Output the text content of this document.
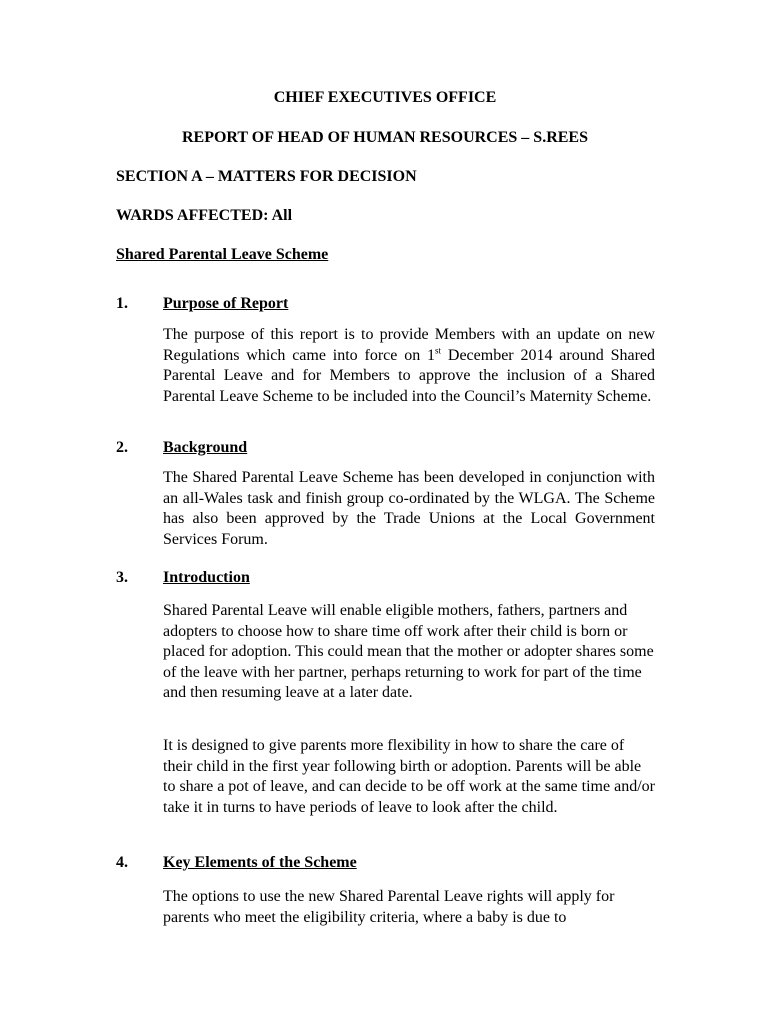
CHIEF EXECUTIVES OFFICE

REPORT OF HEAD OF HUMAN RESOURCES – S.REES

SECTION A – MATTERS FOR DECISION

WARDS AFFECTED: All

Shared Parental Leave Scheme

1. Purpose of Report

The purpose of this report is to provide Members with an update on new Regulations which came into force on 1st December 2014 around Shared Parental Leave and for Members to approve the inclusion of a Shared Parental Leave Scheme to be included into the Council’s Maternity Scheme.

2. Background

The Shared Parental Leave Scheme has been developed in conjunction with an all-Wales task and finish group co-ordinated by the WLGA. The Scheme has also been approved by the Trade Unions at the Local Government Services Forum.

3. Introduction

Shared Parental Leave will enable eligible mothers, fathers, partners and adopters to choose how to share time off work after their child is born or placed for adoption. This could mean that the mother or adopter shares some of the leave with her partner, perhaps returning to work for part of the time and then resuming leave at a later date.

It is designed to give parents more flexibility in how to share the care of their child in the first year following birth or adoption. Parents will be able to share a pot of leave, and can decide to be off work at the same time and/or take it in turns to have periods of leave to look after the child.

4. Key Elements of the Scheme

The options to use the new Shared Parental Leave rights will apply for parents who meet the eligibility criteria, where a baby is due to
